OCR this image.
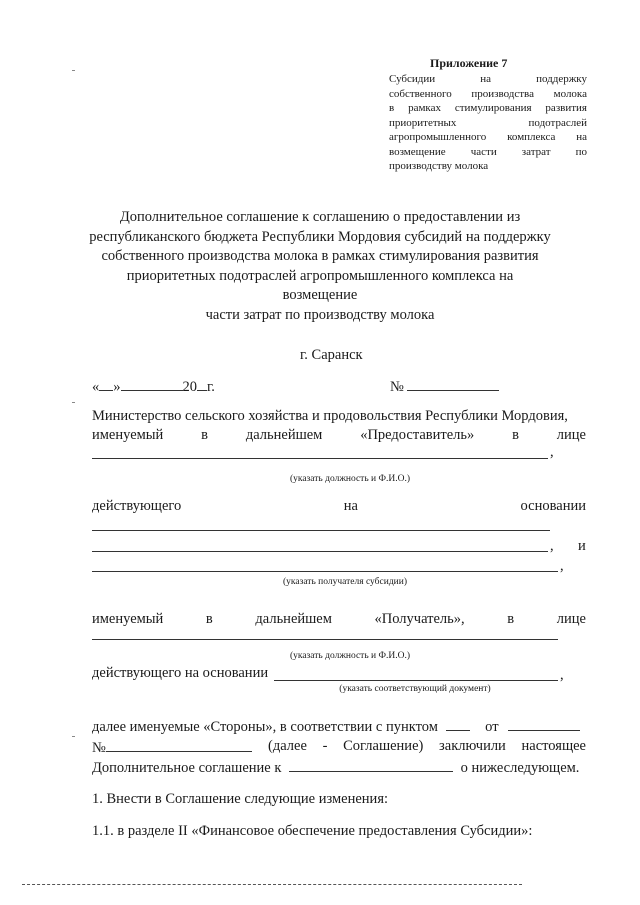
Приложение 7
Субсидии на поддержку
собственного производства молока
в рамках стимулирования развития
приоритетных подотраслей
агропромышленного комплекса на
возмещение части затрат по
производству молока
Дополнительное соглашение к соглашению о предоставлении из
республиканского бюджета Республики Мордовия субсидий на поддержку
собственного производства молока в рамках стимулирования развития
приоритетных подотраслей агропромышленного комплекса на возмещение
части затрат по производству молока
г. Саранск
« »	20 г.	№
Министерство сельского хозяйства и продовольствия Республики Мордовия,
именуемый	в	дальнейшем	«Предоставитель»	в	лице
,
(указать должность и Ф.И.О.)
действующего	на	основании
, и
,
(указать получателя субсидии)
именуемый	в	дальнейшем	«Получатель»,	в	лице
(указать должность и Ф.И.О.)
действующего на основании	,
(указать соответствующий документ)
далее именуемые «Стороны», в соответствии с пунктом	от
№	(далее - Соглашение) заключили настоящее
Дополнительное соглашение к	о нижеследующем.
1. Внести в Соглашение следующие изменения:
1.1. в разделе II «Финансовое обеспечение предоставления Субсидии»:
